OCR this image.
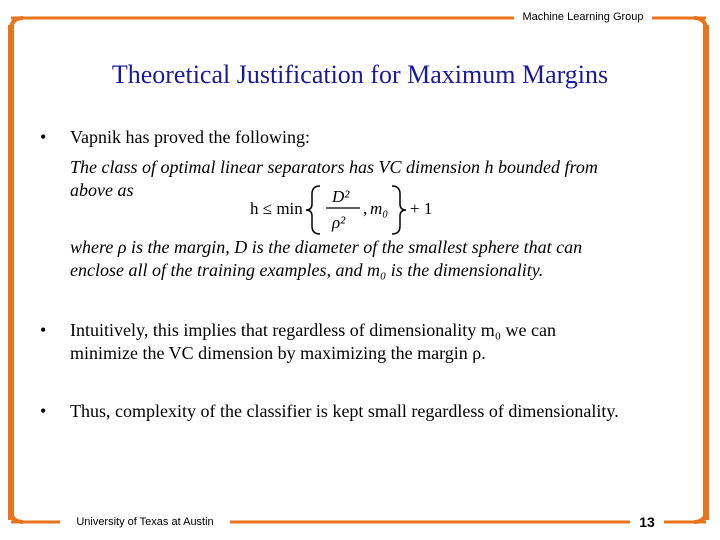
Machine Learning Group
Theoretical Justification for Maximum Margins
• Vapnik has proved the following:
The class of optimal linear separators has VC dimension h bounded from
above as
h ≤ min
D²
ρ²
, m₀ + 1
where ρ is the margin, D is the diameter of the smallest sphere that can
enclose all of the training examples, and m₀ is the dimensionality.
• Intuitively, this implies that regardless of dimensionality m₀ we can
minimize the VC dimension by maximizing the margin ρ.
• Thus, complexity of the classifier is kept small regardless of dimensionality.
University of Texas at Austin	13
